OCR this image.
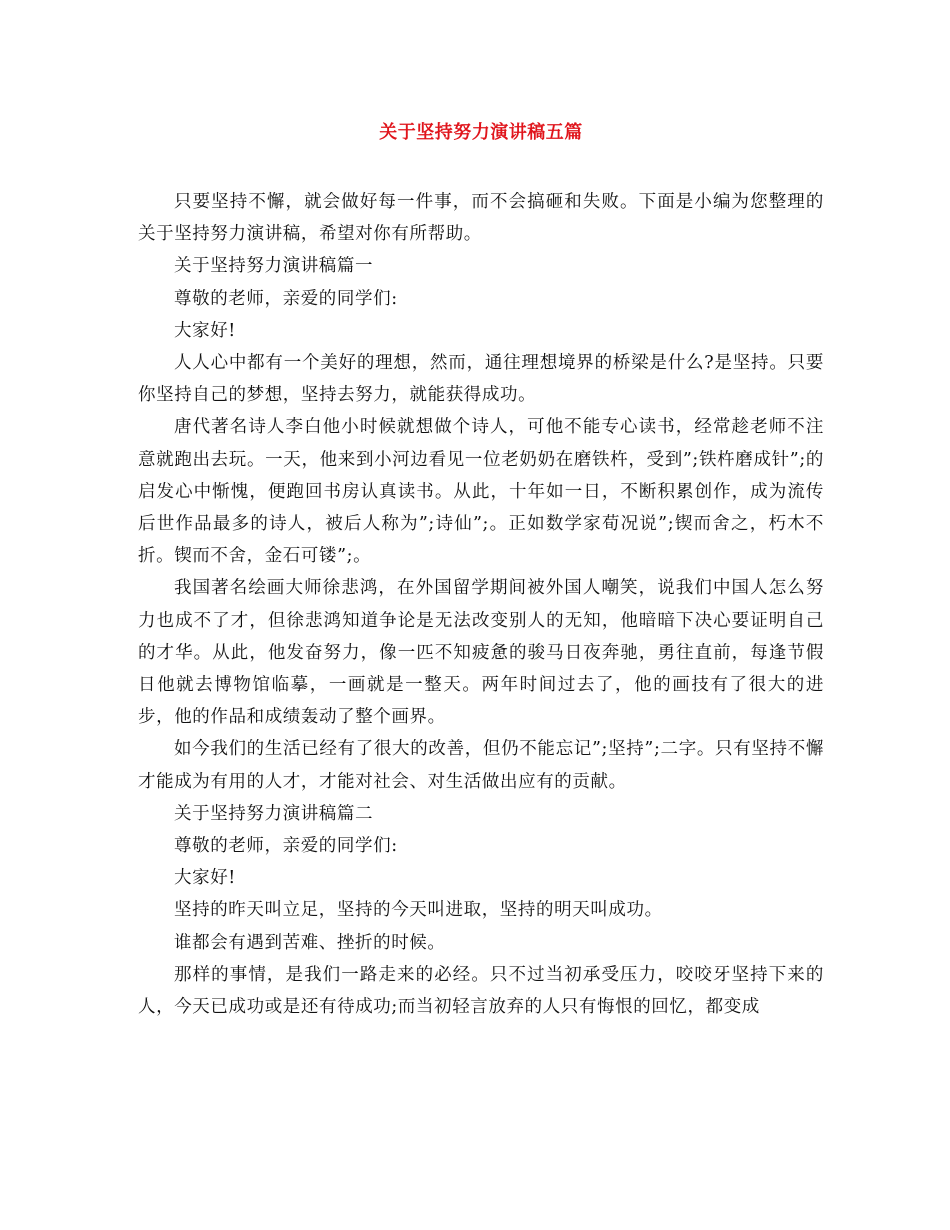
关于坚持努力演讲稿五篇

只要坚持不懈，就会做好每一件事，而不会搞砸和失败。下面是小编为您整理的关于坚持努力演讲稿，希望对你有所帮助。

关于坚持努力演讲稿篇一

尊敬的老师，亲爱的同学们:

大家好!

人人心中都有一个美好的理想，然而，通往理想境界的桥梁是什么?是坚持。只要你坚持自己的梦想，坚持去努力，就能获得成功。

唐代著名诗人李白他小时候就想做个诗人，可他不能专心读书，经常趁老师不注意就跑出去玩。一天，他来到小河边看见一位老奶奶在磨铁杵，受到”;铁杵磨成针”;的启发心中惭愧，便跑回书房认真读书。从此，十年如一日，不断积累创作，成为流传后世作品最多的诗人，被后人称为”;诗仙”;。正如数学家荀况说”;锲而舍之，朽木不折。锲而不舍，金石可镂”;。

我国著名绘画大师徐悲鸿，在外国留学期间被外国人嘲笑，说我们中国人怎么努力也成不了才，但徐悲鸿知道争论是无法改变别人的无知，他暗暗下决心要证明自己的才华。从此，他发奋努力，像一匹不知疲惫的骏马日夜奔驰，勇往直前，每逢节假日他就去博物馆临摹，一画就是一整天。两年时间过去了，他的画技有了很大的进步，他的作品和成绩轰动了整个画界。

如今我们的生活已经有了很大的改善，但仍不能忘记”;坚持”;二字。只有坚持不懈才能成为有用的人才，才能对社会、对生活做出应有的贡献。

关于坚持努力演讲稿篇二

尊敬的老师，亲爱的同学们:

大家好!

坚持的昨天叫立足，坚持的今天叫进取，坚持的明天叫成功。

谁都会有遇到苦难、挫折的时候。

那样的事情，是我们一路走来的必经。只不过当初承受压力，咬咬牙坚持下来的人，今天已成功或是还有待成功;而当初轻言放弃的人只有悔恨的回忆，都变成
